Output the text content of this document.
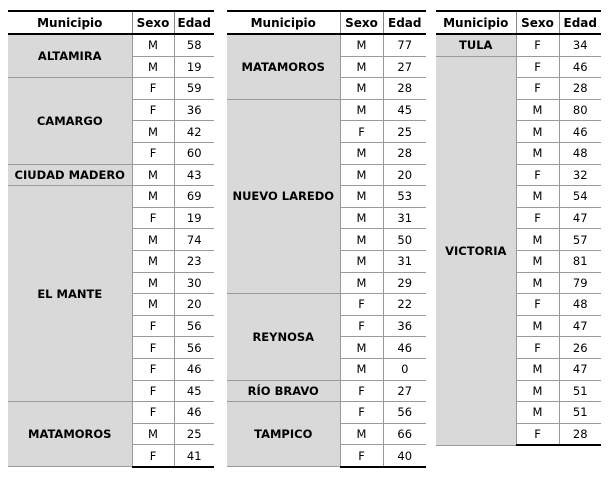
Municipio	Sexo	Edad
ALTAMIRA	M	58
	M	19
CAMARGO	F	59
	F	36
	M	42
	F	60
CIUDAD MADERO	M	43
EL MANTE	M	69
	F	19
	M	74
	M	23
	M	30
	M	20
	F	56
	F	56
	F	46
	F	45
MATAMOROS	F	46
	M	25
	F	41
Municipio	Sexo	Edad
MATAMOROS	M	77
	M	27
	M	28
NUEVO LAREDO	M	45
	F	25
	M	28
	M	20
	M	53
	M	31
	M	50
	M	31
	M	29
REYNOSA	F	22
	F	36
	M	46
	M	0
RÍO BRAVO	F	27
TAMPICO	F	56
	M	66
	F	40
Municipio	Sexo	Edad
TULA	F	34
VICTORIA	F	46
	F	28
	M	80
	M	46
	M	48
	F	32
	M	54
	F	47
	M	57
	M	81
	M	79
	F	48
	M	47
	F	26
	M	47
	M	51
	M	51
	F	28
